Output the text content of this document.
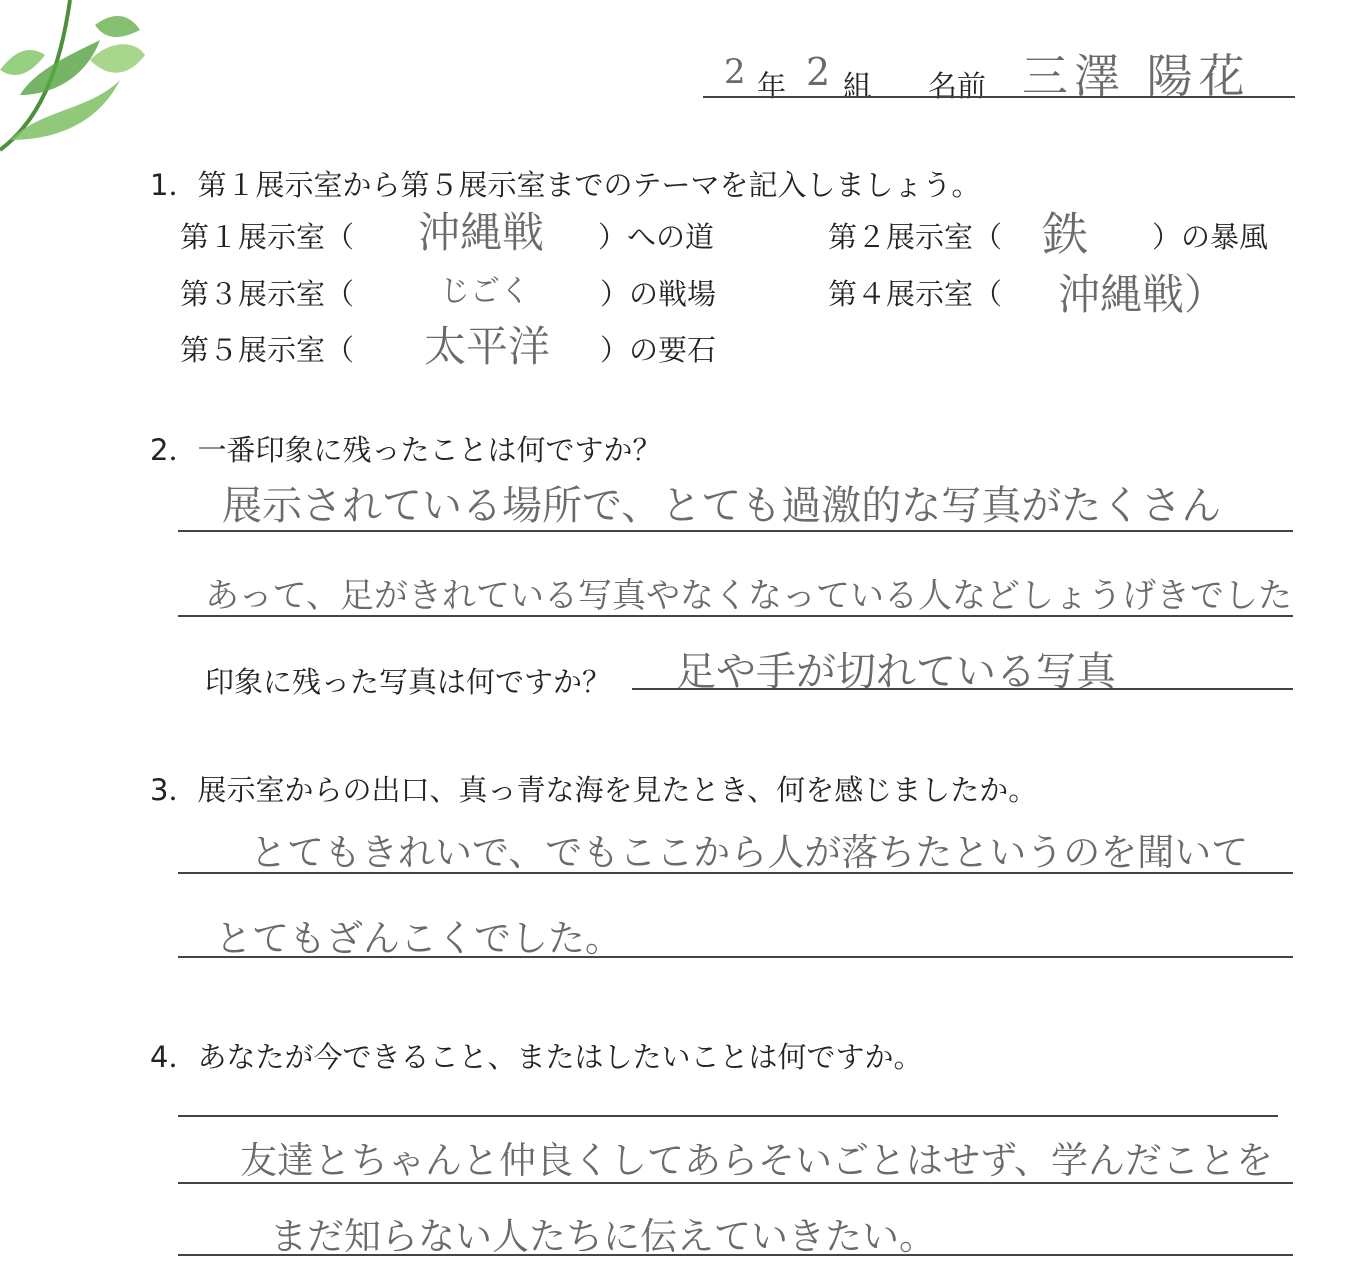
2 年 2 組 名前 三澤 陽花
1．第１展示室から第５展示室までのテーマを記入しましょう。
第１展示室（ 沖縄戦 ）への道	第２展示室（ 鉄 ）の暴風
第３展示室（	じごく ）の戦場	第４展示室（ 沖縄戦）
第５展示室（ 太平洋 ）の要石
2．一番印象に残ったことは何ですか？
展示されている場所で、とても過激的な写真がたくさん
あって、足がきれている写真やなくなっている人などしょうげきでした
印象に残った写真は何ですか？ 足や手が切れている写真
3．展示室からの出口、真っ青な海を見たとき、何を感じましたか。
とてもきれいで、でもここから人が落ちたというのを聞いて
とてもざんこくでした。
4．あなたが今できること、またはしたいことは何ですか。
友達とちゃんと仲良くしてあらそいごとはせず、学んだことを
まだ知らない人たちに伝えていきたい。
